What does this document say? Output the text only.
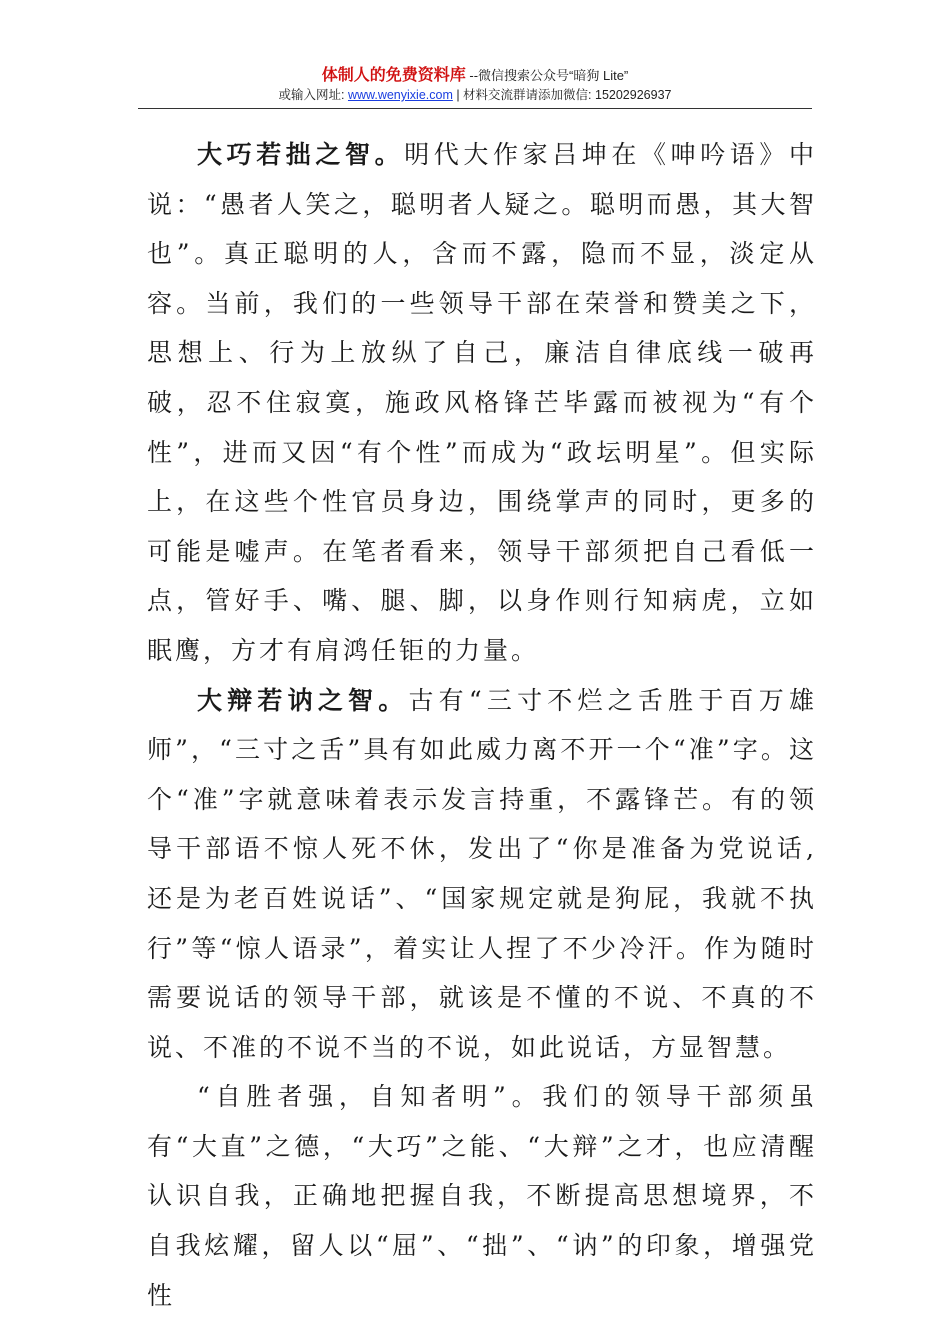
体制人的免费资料库 --微信搜索公众号“暗狗 Lite”
或输入网址: www.wenyixie.com | 材料交流群请添加微信: 15202926937

大巧若拙之智。明代大作家吕坤在《呻吟语》中说：“愚者人笑之，聪明者人疑之。聪明而愚，其大智也”。真正聪明的人，含而不露，隐而不显，淡定从容。当前，我们的一些领导干部在荣誉和赞美之下，思想上、行为上放纵了自己，廉洁自律底线一破再破，忍不住寂寞，施政风格锋芒毕露而被视为“有个性”，进而又因“有个性”而成为“政坛明星”。但实际上，在这些个性官员身边，围绕掌声的同时，更多的可能是嘘声。在笔者看来，领导干部须把自己看低一点，管好手、嘴、腿、脚，以身作则行知病虎，立如眠鹰，方才有肩鸿任钜的力量。

大辩若讷之智。古有“三寸不烂之舌胜于百万雄师”，“三寸之舌”具有如此威力离不开一个“准”字。这个“准”字就意味着表示发言持重，不露锋芒。有的领导干部语不惊人死不休，发出了“你是准备为党说话,还是为老百姓说话”、“国家规定就是狗屁，我就不执行”等“惊人语录”，着实让人捏了不少冷汗。作为随时需要说话的领导干部，就该是不懂的不说、不真的不说、不准的不说不当的不说，如此说话，方显智慧。

“自胜者强，自知者明”。我们的领导干部须虽有“大直”之德，“大巧”之能、“大辩”之才，也应清醒认识自我，正确地把握自我，不断提高思想境界，不自我炫耀，留人以“屈”、“拙”、“讷”的印象，增强党性
